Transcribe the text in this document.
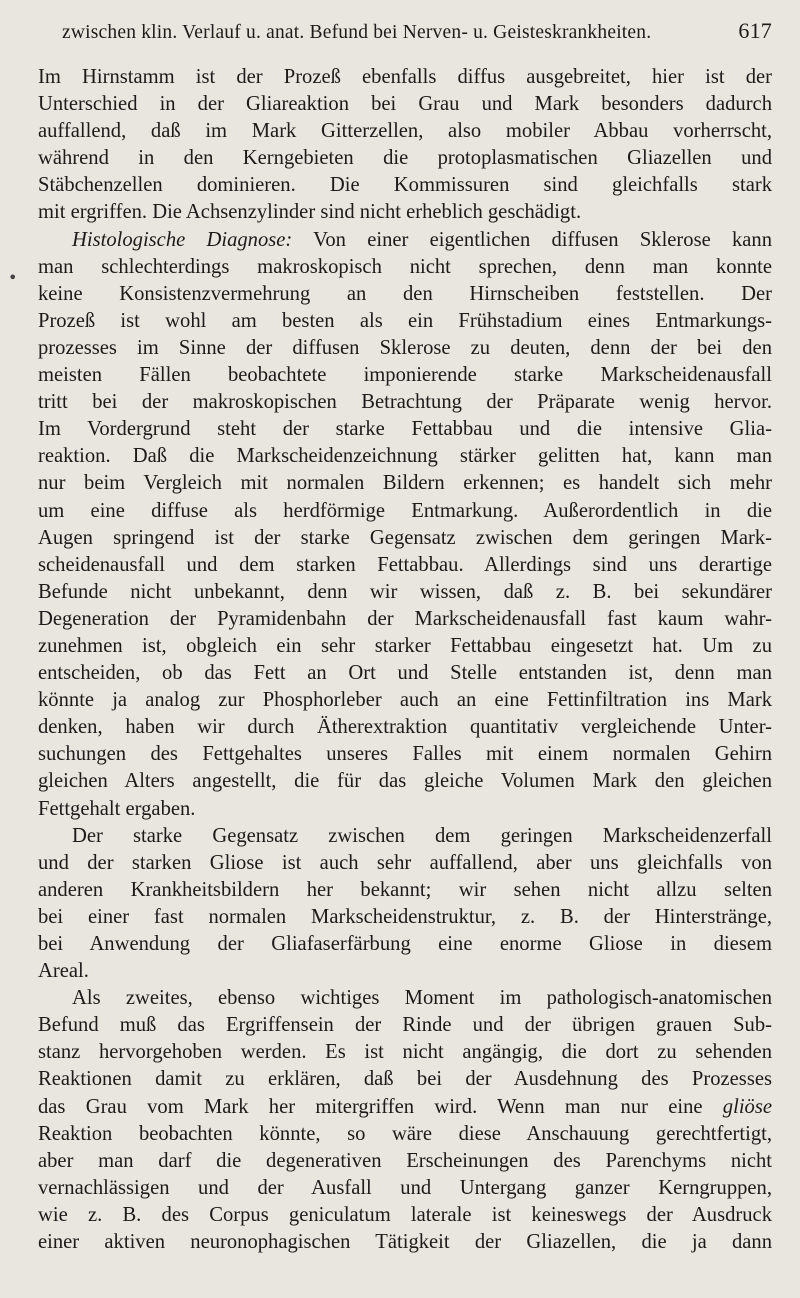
zwischen klin. Verlauf u. anat. Befund bei Nerven- u. Geisteskrankheiten.	617
•
Im Hirnstamm ist der Prozeß ebenfalls diffus ausgebreitet, hier ist der
Unterschied in der Gliareaktion bei Grau und Mark besonders dadurch
auffallend, daß im Mark Gitterzellen, also mobiler Abbau vorherrscht,
während in den Kerngebieten die protoplasmatischen Gliazellen und
Stäbchenzellen dominieren. Die Kommissuren sind gleichfalls stark
mit ergriffen. Die Achsenzylinder sind nicht erheblich geschädigt.
Histologische Diagnose: Von einer eigentlichen diffusen Sklerose kann
man schlechterdings makroskopisch nicht sprechen, denn man konnte
keine Konsistenzvermehrung an den Hirnscheiben feststellen. Der
Prozeß ist wohl am besten als ein Frühstadium eines Entmarkungs-
prozesses im Sinne der diffusen Sklerose zu deuten, denn der bei den
meisten Fällen beobachtete imponierende starke Markscheidenausfall
tritt bei der makroskopischen Betrachtung der Präparate wenig hervor.
Im Vordergrund steht der starke Fettabbau und die intensive Glia-
reaktion. Daß die Markscheidenzeichnung stärker gelitten hat, kann man
nur beim Vergleich mit normalen Bildern erkennen; es handelt sich mehr
um eine diffuse als herdförmige Entmarkung. Außerordentlich in die
Augen springend ist der starke Gegensatz zwischen dem geringen Mark-
scheidenausfall und dem starken Fettabbau. Allerdings sind uns derartige
Befunde nicht unbekannt, denn wir wissen, daß z. B. bei sekundärer
Degeneration der Pyramidenbahn der Markscheidenausfall fast kaum wahr-
zunehmen ist, obgleich ein sehr starker Fettabbau eingesetzt hat. Um zu
entscheiden, ob das Fett an Ort und Stelle entstanden ist, denn man
könnte ja analog zur Phosphorleber auch an eine Fettinfiltration ins Mark
denken, haben wir durch Ätherextraktion quantitativ vergleichende Unter-
suchungen des Fettgehaltes unseres Falles mit einem normalen Gehirn
gleichen Alters angestellt, die für das gleiche Volumen Mark den gleichen
Fettgehalt ergaben.
Der starke Gegensatz zwischen dem geringen Markscheidenzerfall
und der starken Gliose ist auch sehr auffallend, aber uns gleichfalls von
anderen Krankheitsbildern her bekannt; wir sehen nicht allzu selten
bei einer fast normalen Markscheidenstruktur, z. B. der Hinterstränge,
bei Anwendung der Gliafaserfärbung eine enorme Gliose in diesem
Areal.
Als zweites, ebenso wichtiges Moment im pathologisch-anatomischen
Befund muß das Ergriffensein der Rinde und der übrigen grauen Sub-
stanz hervorgehoben werden. Es ist nicht angängig, die dort zu sehenden
Reaktionen damit zu erklären, daß bei der Ausdehnung des Prozesses
das Grau vom Mark her mitergriffen wird. Wenn man nur eine gliöse
Reaktion beobachten könnte, so wäre diese Anschauung gerechtfertigt,
aber man darf die degenerativen Erscheinungen des Parenchyms nicht
vernachlässigen und der Ausfall und Untergang ganzer Kerngruppen,
wie z. B. des Corpus geniculatum laterale ist keineswegs der Ausdruck
einer aktiven neuronophagischen Tätigkeit der Gliazellen, die ja dann
